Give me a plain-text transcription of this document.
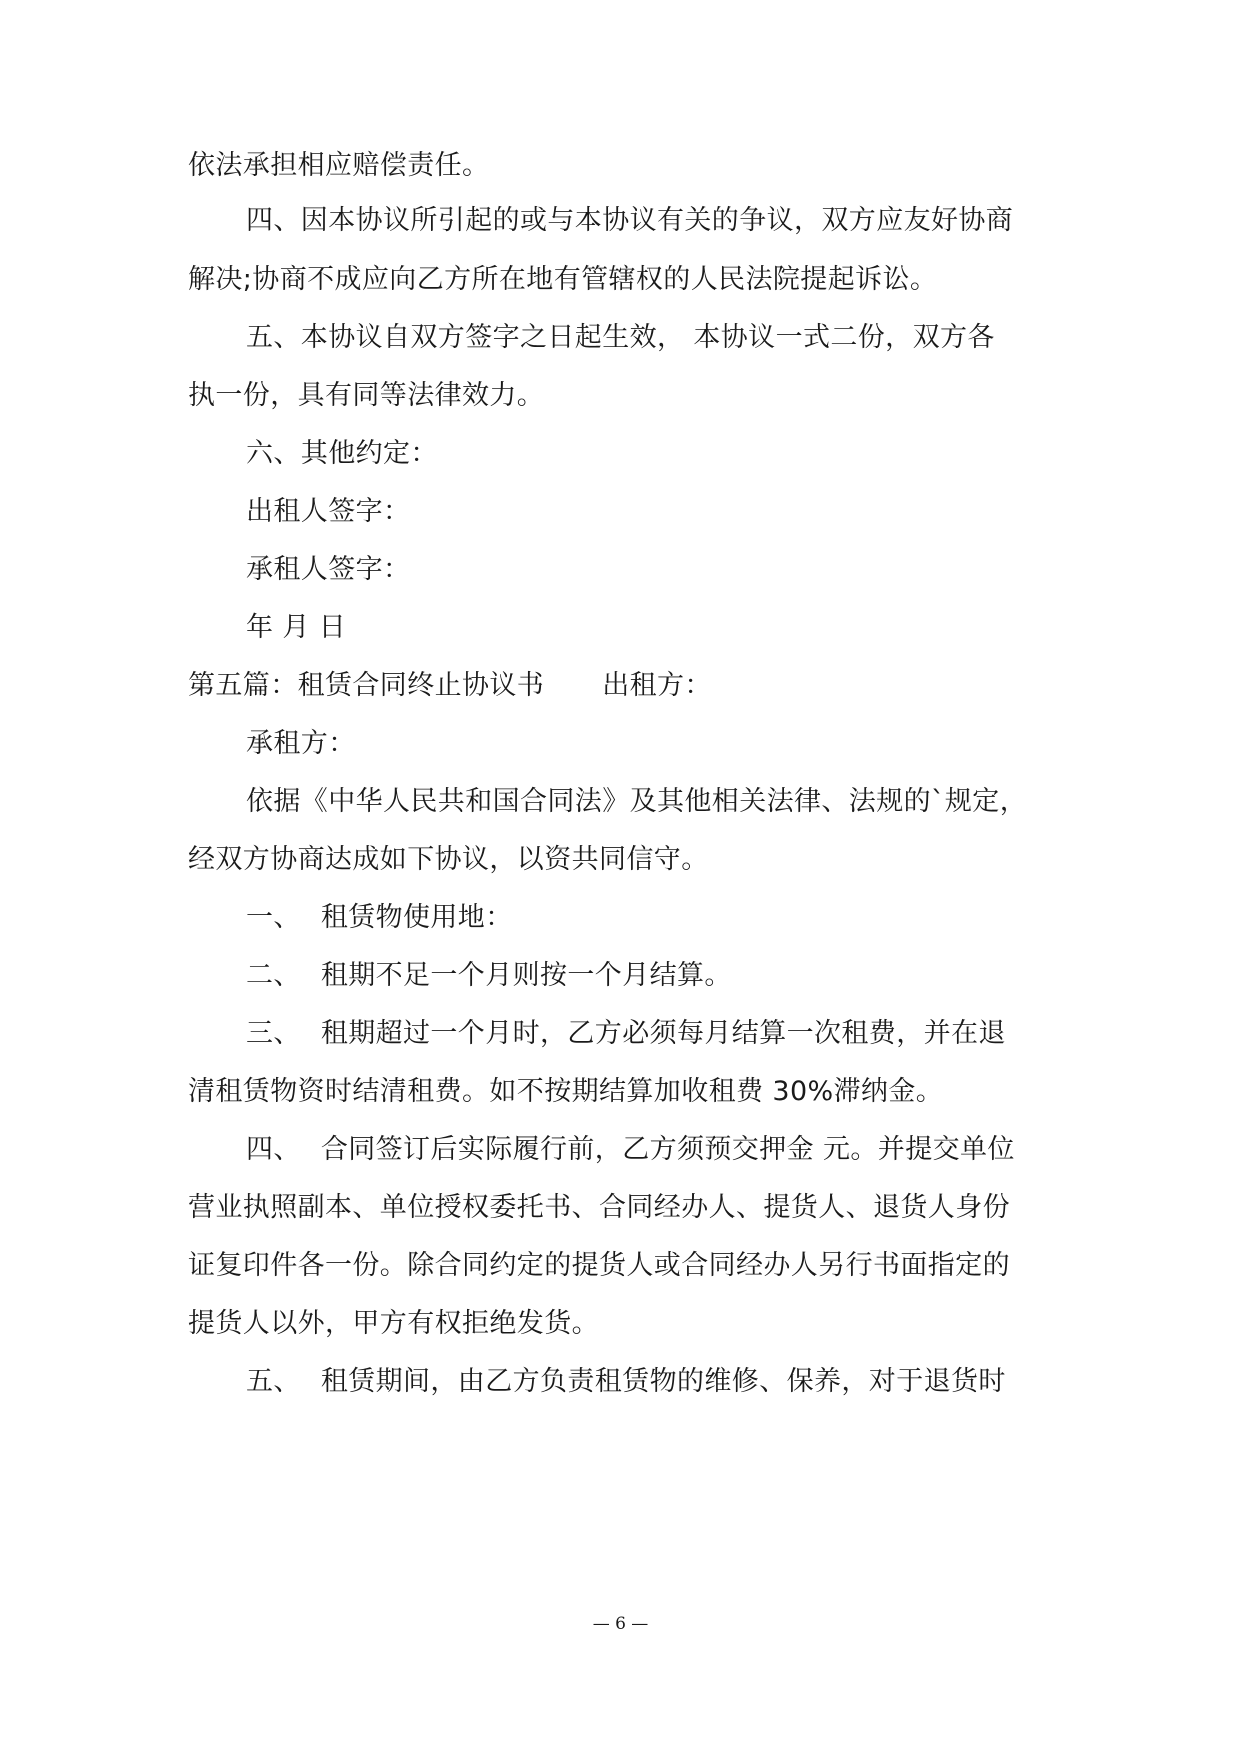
依法承担相应赔偿责任。
四、因本协议所引起的或与本协议有关的争议，双方应友好协商
解决;协商不成应向乙方所在地有管辖权的人民法院提起诉讼。
五、本协议自双方签字之日起生效， 本协议一式二份，双方各
执一份，具有同等法律效力。
六、其他约定：
出租人签字：
承租人签字：
年 月 日
第五篇：租赁合同终止协议书 出租方：
承租方：
依据《中华人民共和国合同法》及其他相关法律、法规的`规定，
经双方协商达成如下协议，以资共同信守。
一、 租赁物使用地：
二、 租期不足一个月则按一个月结算。
三、 租期超过一个月时，乙方必须每月结算一次租费，并在退
清租赁物资时结清租费。如不按期结算加收租费 30%滞纳金。
四、 合同签订后实际履行前，乙方须预交押金 元。并提交单位
营业执照副本、单位授权委托书、合同经办人、提货人、退货人身份
证复印件各一份。除合同约定的提货人或合同经办人另行书面指定的
提货人以外，甲方有权拒绝发货。
五、 租赁期间，由乙方负责租赁物的维修、保养，对于退货时
— 6 —
